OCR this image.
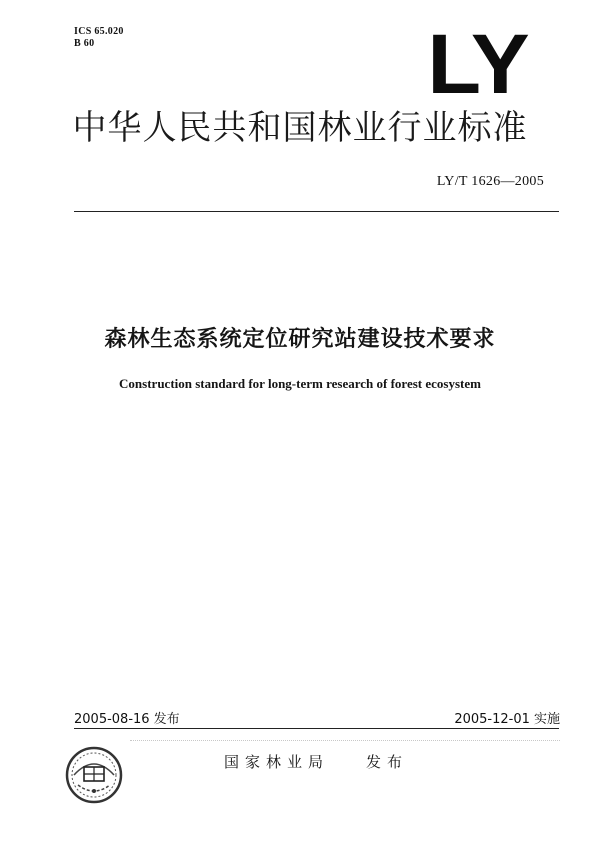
ICS 65.020
B 60	LY
中华人民共和国林业行业标准
LY/T 1626—2005
森林生态系统定位研究站建设技术要求
Construction standard for long-term research of forest ecosystem
2005-08-16 发布	2005-12-01 实施
国家林业局 发布
